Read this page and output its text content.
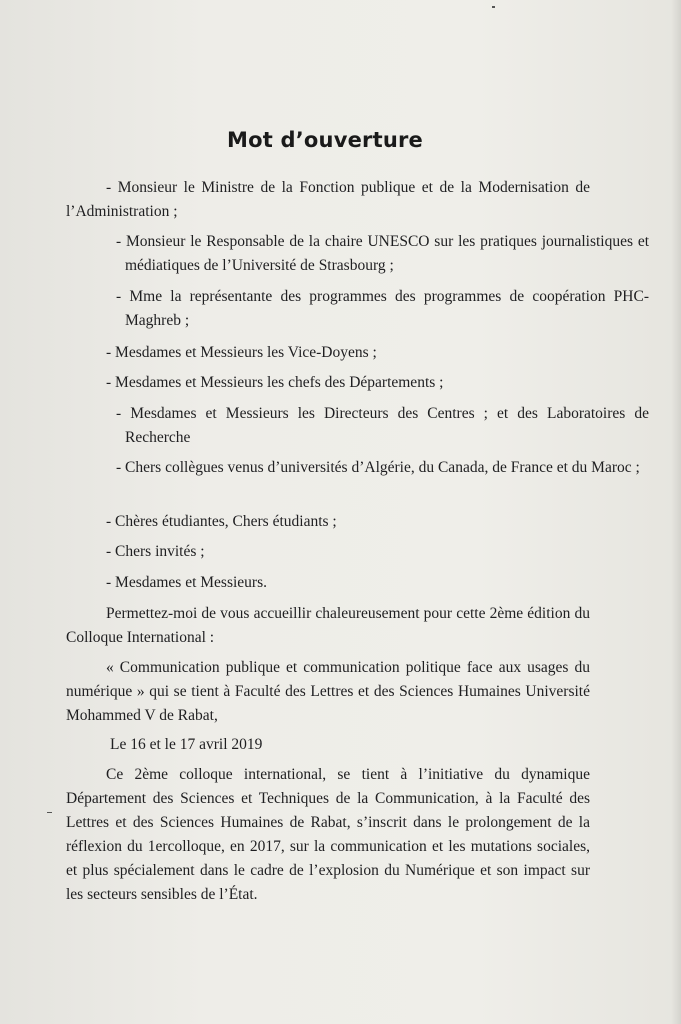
Mot d’ouverture
- Monsieur le Ministre de la Fonction publique et de la Modernisation de l’Administration ;
- Monsieur le Responsable de la chaire UNESCO sur les pratiques journalistiques et médiatiques de l’Université de Strasbourg ;
- Mme la représentante des programmes des programmes de coopération PHC-Maghreb ;
- Mesdames et Messieurs les Vice-Doyens ;
- Mesdames et Messieurs les chefs des Départements ;
- Mesdames et Messieurs les Directeurs des Centres ; et des Laboratoires de Recherche
- Chers collègues venus d’universités d’Algérie, du Canada, de France et du Maroc ;
- Chères étudiantes, Chers étudiants ;
- Chers invités ;
- Mesdames et Messieurs.
Permettez-moi de vous accueillir chaleureusement pour cette 2ème édition du Colloque International :
« Communication publique et communication politique face aux usages du numérique » qui se tient à Faculté des Lettres et des Sciences Humaines Université Mohammed V de Rabat,
Le 16 et le 17 avril 2019
Ce 2ème colloque international, se tient à l’initiative du dynamique Département des Sciences et Techniques de la Communication, à la Faculté des Lettres et des Sciences Humaines de Rabat, s’inscrit dans le prolongement de la réflexion du 1ercolloque, en 2017, sur la communication et les mutations sociales, et plus spécialement dans le cadre de l’explosion du Numérique et son impact sur les secteurs sensibles de l’État.
